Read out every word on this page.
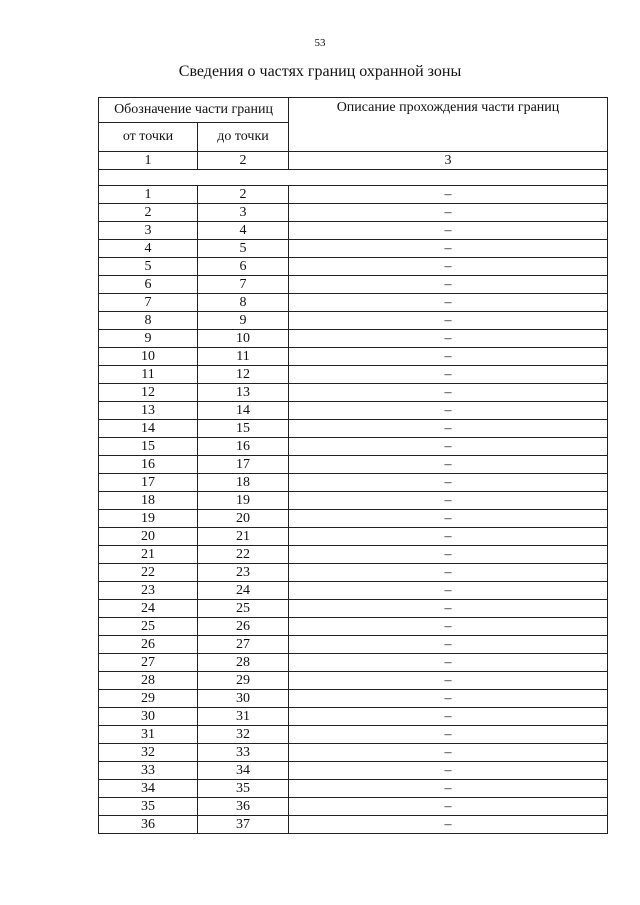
53
Сведения о частях границ охранной зоны
Обозначение части границ		Описание прохождения части границ
от точки	до точки	
1	2	3

1	2	–
2	3	–
3	4	–
4	5	–
5	6	–
6	7	–
7	8	–
8	9	–
9	10	–
10	11	–
11	12	–
12	13	–
13	14	–
14	15	–
15	16	–
16	17	–
17	18	–
18	19	–
19	20	–
20	21	–
21	22	–
22	23	–
23	24	–
24	25	–
25	26	–
26	27	–
27	28	–
28	29	–
29	30	–
30	31	–
31	32	–
32	33	–
33	34	–
34	35	–
35	36	–
36	37	–
